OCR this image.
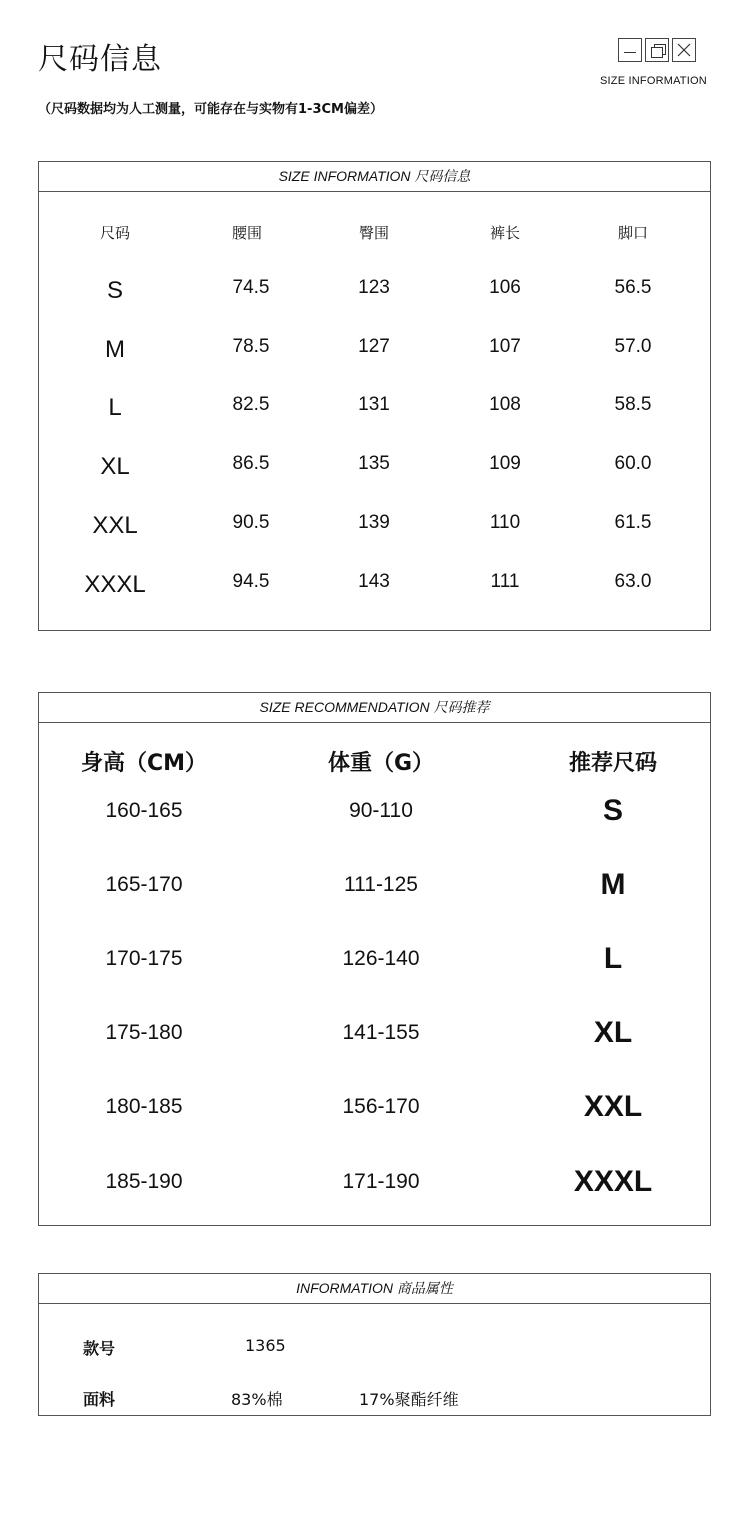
尺码信息
（尺码数据均为人工测量，可能存在与实物有1-3CM偏差）
SIZE INFORMATION
SIZE INFORMATION 尺码信息
尺码	腰围	臀围	裤长	脚口
S	74.5	123	106	56.5
M	78.5	127	107	57.0
L	82.5	131	108	58.5
XL	86.5	135	109	60.0
XXL	90.5	139	110	61.5
XXXL	94.5	143	111	63.0
SIZE RECOMMENDATION 尺码推荐
身高（CM）	体重（G）	推荐尺码
160-165	90-110	S
165-170	111-125	M
170-175	126-140	L
175-180	141-155	XL
180-185	156-170	XXL
185-190	171-190	XXXL
INFORMATION 商品属性
款号	1365
面料	83%棉	17%聚酯纤维
